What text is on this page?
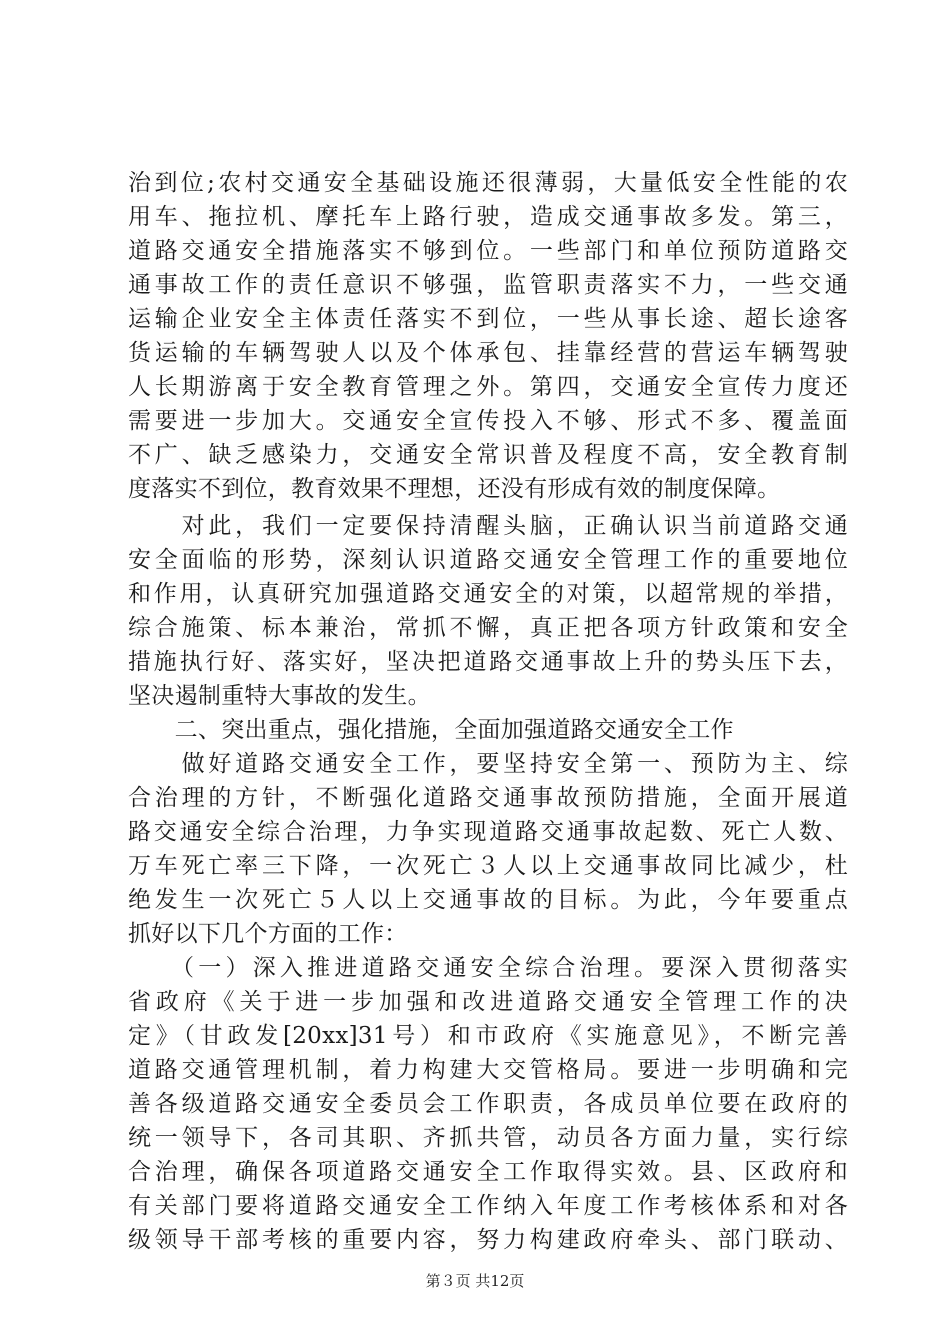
治到位;农村交通安全基础设施还很薄弱，大量低安全性能的农
用车、拖拉机、摩托车上路行驶，造成交通事故多发。第三，
道路交通安全措施落实不够到位。一些部门和单位预防道路交
通事故工作的责任意识不够强，监管职责落实不力，一些交通
运输企业安全主体责任落实不到位，一些从事长途、超长途客
货运输的车辆驾驶人以及个体承包、挂靠经营的营运车辆驾驶
人长期游离于安全教育管理之外。第四，交通安全宣传力度还
需要进一步加大。交通安全宣传投入不够、形式不多、覆盖面
不广、缺乏感染力，交通安全常识普及程度不高，安全教育制
度落实不到位，教育效果不理想，还没有形成有效的制度保障。
　　对此，我们一定要保持清醒头脑，正确认识当前道路交通
安全面临的形势，深刻认识道路交通安全管理工作的重要地位
和作用，认真研究加强道路交通安全的对策，以超常规的举措，
综合施策、标本兼治，常抓不懈，真正把各项方针政策和安全
措施执行好、落实好，坚决把道路交通事故上升的势头压下去，
坚决遏制重特大事故的发生。
　　二、突出重点，强化措施，全面加强道路交通安全工作
　　做好道路交通安全工作，要坚持安全第一、预防为主、综
合治理的方针，不断强化道路交通事故预防措施，全面开展道
路交通安全综合治理，力争实现道路交通事故起数、死亡人数、
万车死亡率三下降，一次死亡３人以上交通事故同比减少，杜
绝发生一次死亡５人以上交通事故的目标。为此，今年要重点
抓好以下几个方面的工作：
　　（一）深入推进道路交通安全综合治理。要深入贯彻落实
省政府《关于进一步加强和改进道路交通安全管理工作的决
定》（甘政发[20xx]31号）和市政府《实施意见》，不断完善
道路交通管理机制，着力构建大交管格局。要进一步明确和完
善各级道路交通安全委员会工作职责，各成员单位要在政府的
统一领导下，各司其职、齐抓共管，动员各方面力量，实行综
合治理，确保各项道路交通安全工作取得实效。县、区政府和
有关部门要将道路交通安全工作纳入年度工作考核体系和对各
级领导干部考核的重要内容，努力构建政府牵头、部门联动、
第３页 共12页
